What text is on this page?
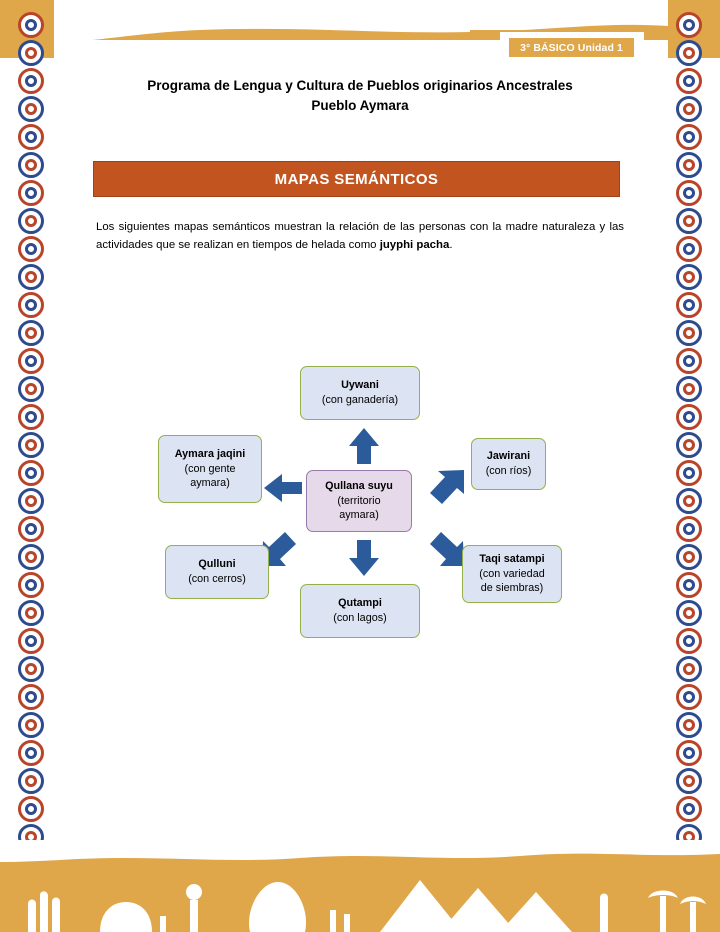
3° BÁSICO Unidad 1
Programa de Lengua y Cultura de Pueblos originarios Ancestrales
Pueblo Aymara
MAPAS SEMÁNTICOS
Los siguientes mapas semánticos muestran la relación de las personas con la madre naturaleza y las actividades que se realizan en tiempos de helada como juyphi pacha.
Uywani
(con ganadería)
Jawirani
(con ríos)
Taqi satampi
(con variedad
de siembras)
Qutampi
(con lagos)
Qulluni
(con cerros)
Aymara jaqini
(con gente
aymara)	Qullana suyu
(territorio
aymara)
